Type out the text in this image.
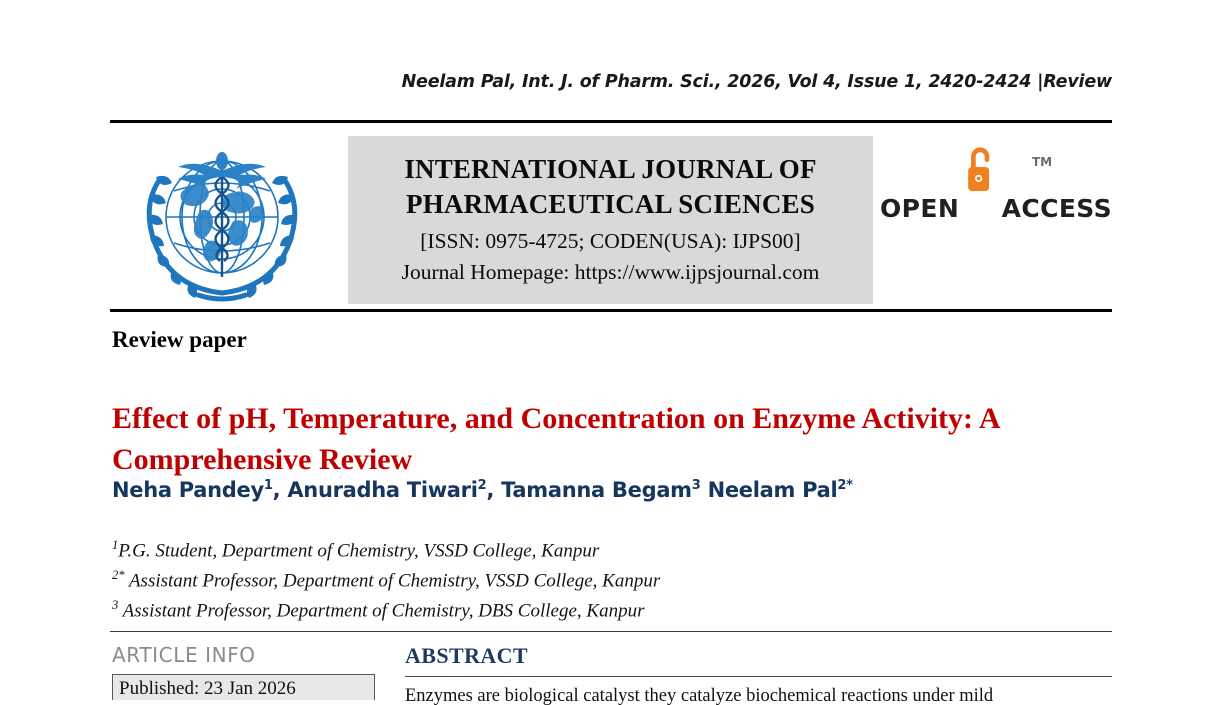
Neelam Pal, Int. J. of Pharm. Sci., 2026, Vol 4, Issue 1, 2420-2424 |Review
INTERNATIONAL JOURNAL OF
PHARMACEUTICAL SCIENCES
[ISSN: 0975-4725; CODEN(USA): IJPS00]
Journal Homepage: https://www.ijpsjournal.com
OPEN ACCESS
TM
Review paper
Effect of pH, Temperature, and Concentration on Enzyme Activity: A Comprehensive Review
Neha Pandey$^1$, Anuradha Tiwari$^2$, Tamanna Begam$^3$ Neelam Pal$^{2*}$
$^1$P.G. Student, Department of Chemistry, VSSD College, Kanpur
$^{2*}$ Assistant Professor, Department of Chemistry, VSSD College, Kanpur
$^3$ Assistant Professor, Department of Chemistry, DBS College, Kanpur
ARTICLE INFO
Published: 23 Jan 2026
ABSTRACT
Enzymes are biological catalyst they catalyze biochemical reactions under mild
